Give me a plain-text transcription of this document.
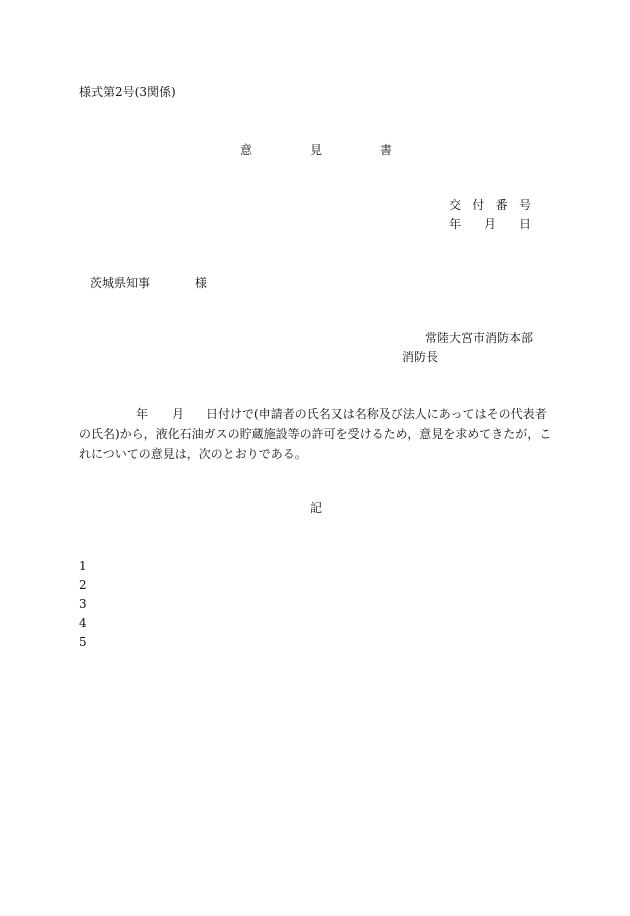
様式第2号(3関係)
意	見	書
交 付 番 号
年 月 日
茨城県知事	様
常陸大宮市消防本部
消防長
年 月 日付けで(申請者の氏名又は名称及び法人にあってはその代表者
の氏名)から，液化石油ガスの貯蔵施設等の許可を受けるため，意見を求めてきたが，これについての意見は，次のとおりである。
記
1
2
3
4
5
